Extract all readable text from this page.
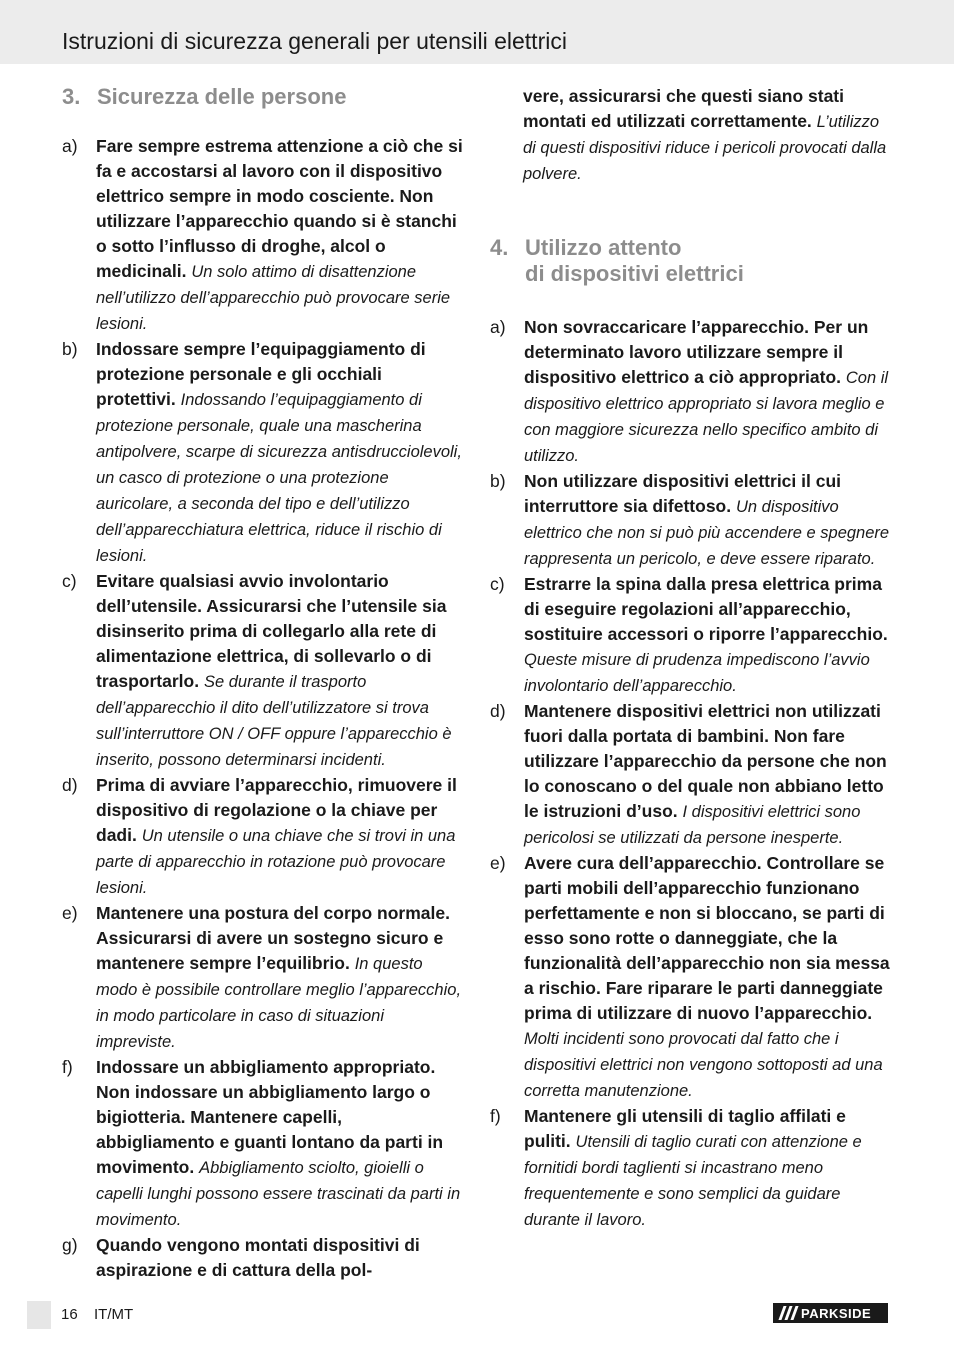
Istruzioni di sicurezza generali per utensili elettrici
3. Sicurezza delle persone
a)	Fare sempre estrema attenzione a ciò che si fa e accostarsi al lavoro con il dispositivo elettrico sempre in modo cosciente. Non utilizzare l’apparecchio quando si è stanchi o sotto l’influsso di droghe, alcol o medicinali. Un solo attimo di disattenzione nell’utilizzo dell’apparecchio può provocare serie lesioni.
b)	Indossare sempre l’equipaggiamento di protezione personale e gli occhiali protettivi. Indossando l’equipaggiamento di protezione personale, quale una mascherina antipolvere, scarpe di sicurezza antisdrucciolevoli, un casco di protezione o una protezione auricolare, a seconda del tipo e dell’utilizzo dell’apparecchiatura elettrica, riduce il rischio di lesioni.
c)	Evitare qualsiasi avvio involontario dell’utensile. Assicurarsi che l’utensile sia disinserito prima di collegarlo alla rete di alimentazione elettrica, di sollevarlo o di trasportarlo. Se durante il trasporto dell’apparecchio il dito dell’utilizzatore si trova sull’interruttore ON / OFF oppure l’apparecchio è inserito, possono determinarsi incidenti.
d)	Prima di avviare l’apparecchio, rimuovere il dispositivo di regolazione o la chiave per dadi. Un utensile o una chiave che si trovi in una parte di apparecchio in rotazione può provocare lesioni.
e)	Mantenere una postura del corpo normale. Assicurarsi di avere un sostegno sicuro e mantenere sempre l’equilibrio. In questo modo è possibile controllare meglio l’apparecchio, in modo particolare in caso di situazioni impreviste.
f)	Indossare un abbigliamento appropriato. Non indossare un abbigliamento largo o bigiotteria. Mantenere capelli, abbigliamento e guanti lontano da parti in movimento. Abbigliamento sciolto, gioielli o capelli lunghi possono essere trascinati da parti in movimento.
g)	Quando vengono montati dispositivi di aspirazione e di cattura della pol-
vere, assicurarsi che questi siano stati montati ed utilizzati correttamente. L’utilizzo di questi dispositivi riduce i pericoli provocati dalla polvere.
4. Utilizzo attento
di dispositivi elettrici
a)	Non sovraccaricare l’apparecchio. Per un determinato lavoro utilizzare sempre il dispositivo elettrico a ciò appropriato. Con il dispositivo elettrico appropriato si lavora meglio e con maggiore sicurezza nello specifico ambito di utilizzo.
b)	Non utilizzare dispositivi elettrici il cui interruttore sia difettoso. Un dispositivo elettrico che non si può più accendere e spegnere rappresenta un pericolo, e deve essere riparato.
c)	Estrarre la spina dalla presa elettrica prima di eseguire regolazioni all’apparecchio, sostituire accessori o riporre l’apparecchio. Queste misure di prudenza impediscono l’avvio involontario dell’apparecchio.
d)	Mantenere dispositivi elettrici non utilizzati fuori dalla portata di bambini. Non fare utilizzare l’apparecchio da persone che non lo conoscano o del quale non abbiano letto le istruzioni d’uso. I dispositivi elettrici sono pericolosi se utilizzati da persone inesperte.
e)	Avere cura dell’apparecchio. Controllare se parti mobili dell’apparecchio funzionano perfettamente e non si bloccano, se parti di esso sono rotte o danneggiate, che la funzionalità dell’apparecchio non sia messa a rischio. Fare riparare le parti danneggiate prima di utilizzare di nuovo l’apparecchio. Molti incidenti sono provocati dal fatto che i dispositivi elettrici non vengono sottoposti ad una corretta manutenzione.
f)	Mantenere gli utensili di taglio affilati e puliti. Utensili di taglio curati con attenzione e fornitidi bordi taglienti si incastrano meno frequentemente e sono semplici da guidare durante il lavoro.
16 IT/MT	PARKSIDE
